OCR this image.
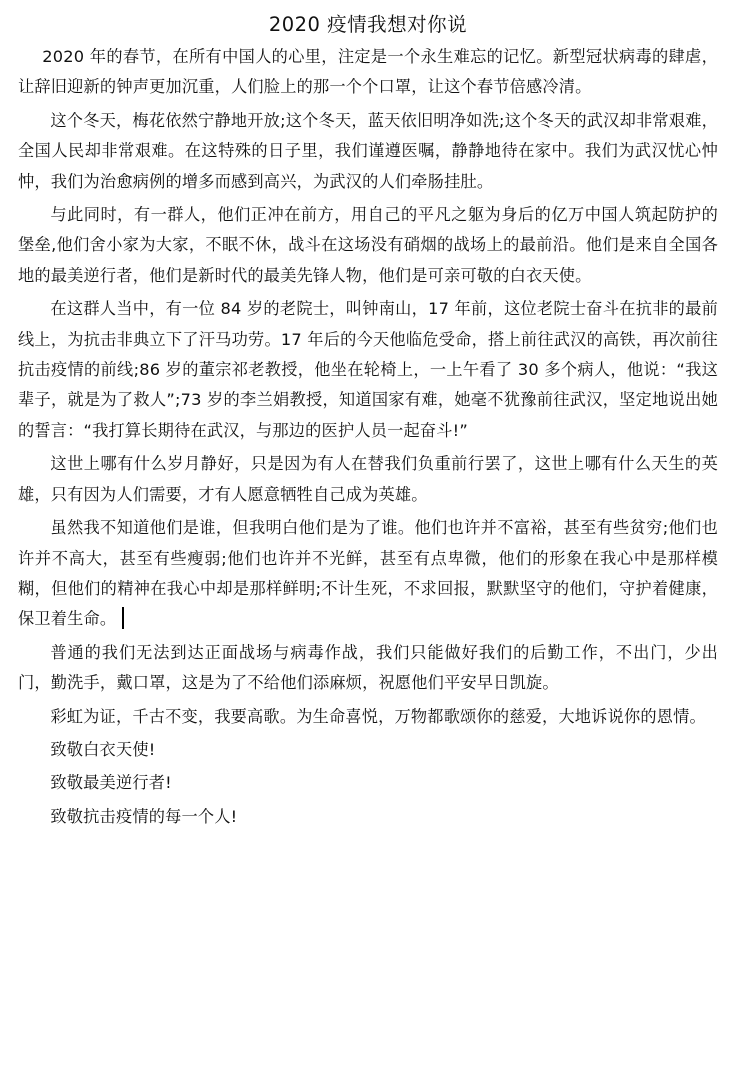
2020 疫情我想对你说

2020 年的春节，在所有中国人的心里，注定是一个永生难忘的记忆。新型冠状病毒的肆虐，让辞旧迎新的钟声更加沉重，人们脸上的那一个个口罩，让这个春节倍感冷清。

这个冬天，梅花依然宁静地开放;这个冬天，蓝天依旧明净如洗;这个冬天的武汉却非常艰难，全国人民却非常艰难。在这特殊的日子里，我们谨遵医嘱，静静地待在家中。我们为武汉忧心忡忡，我们为治愈病例的增多而感到高兴，为武汉的人们牵肠挂肚。

与此同时，有一群人，他们正冲在前方，用自己的平凡之躯为身后的亿万中国人筑起防护的堡垒,他们舍小家为大家，不眠不休，战斗在这场没有硝烟的战场上的最前沿。他们是来自全国各地的最美逆行者，他们是新时代的最美先锋人物，他们是可亲可敬的白衣天使。

在这群人当中，有一位 84 岁的老院士，叫钟南山，17 年前，这位老院士奋斗在抗非的最前线上，为抗击非典立下了汗马功劳。17 年后的今天他临危受命，搭上前往武汉的高铁，再次前往抗击疫情的前线;86 岁的董宗祁老教授，他坐在轮椅上，一上午看了 30 多个病人，他说：“我这辈子，就是为了救人”;73 岁的李兰娟教授，知道国家有难，她毫不犹豫前往武汉，坚定地说出她的誓言：“我打算长期待在武汉，与那边的医护人员一起奋斗!”

这世上哪有什么岁月静好，只是因为有人在替我们负重前行罢了，这世上哪有什么天生的英雄，只有因为人们需要，才有人愿意牺牲自己成为英雄。

虽然我不知道他们是谁，但我明白他们是为了谁。他们也许并不富裕，甚至有些贫穷;他们也许并不高大，甚至有些瘦弱;他们也许并不光鲜，甚至有点卑微，他们的形象在我心中是那样模糊，但他们的精神在我心中却是那样鲜明;不计生死，不求回报，默默坚守的他们，守护着健康，保卫着生命。

普通的我们无法到达正面战场与病毒作战，我们只能做好我们的后勤工作，不出门，少出门，勤洗手，戴口罩，这是为了不给他们添麻烦，祝愿他们平安早日凯旋。

彩虹为证，千古不变，我要高歌。为生命喜悦，万物都歌颂你的慈爱，大地诉说你的恩情。

致敬白衣天使!

致敬最美逆行者!

致敬抗击疫情的每一个人!
